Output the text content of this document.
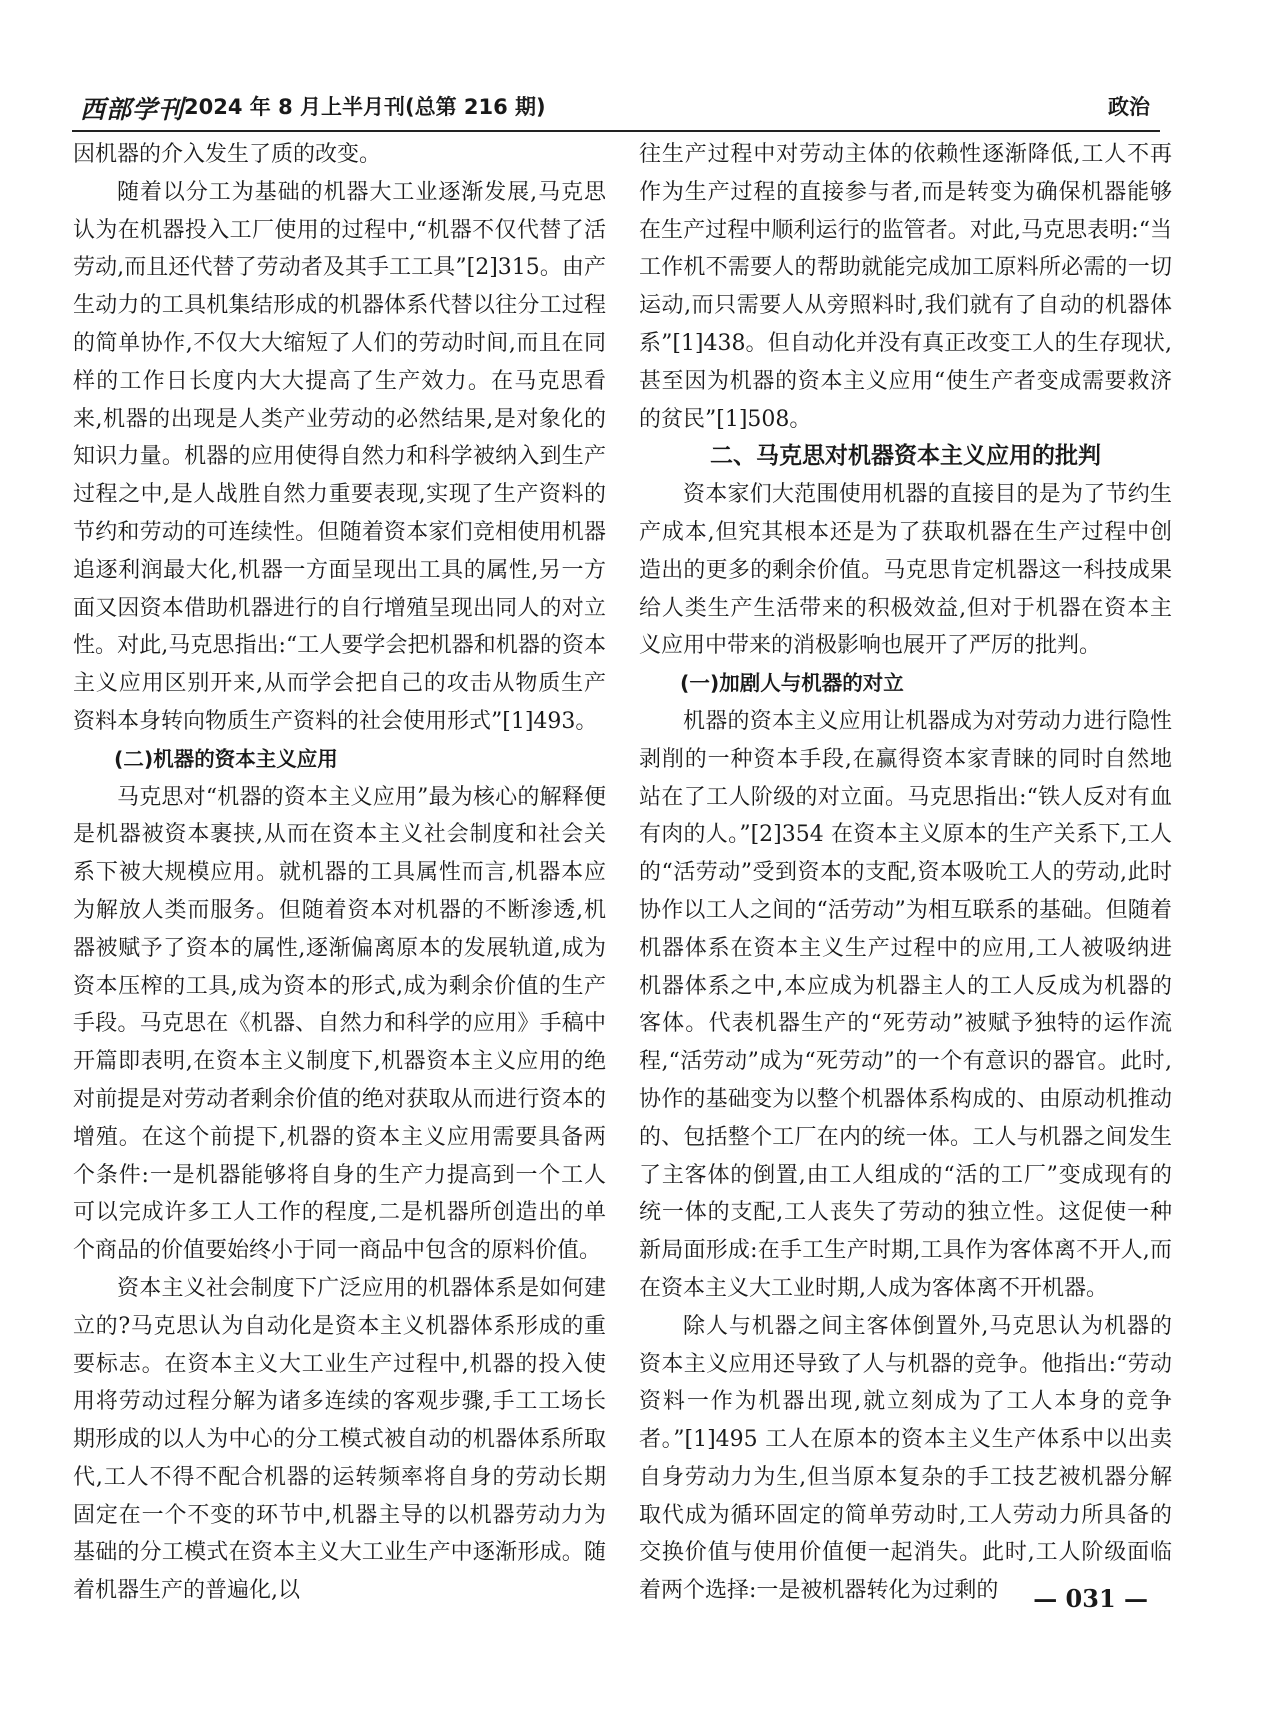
西部学刊 2024 年 8 月上半月刊(总第 216 期)	政治

因机器的介入发生了质的改变。

随着以分工为基础的机器大工业逐渐发展,马克思认为在机器投入工厂使用的过程中,“机器不仅代替了活劳动,而且还代替了劳动者及其手工工具”[2]315。由产生动力的工具机集结形成的机器体系代替以往分工过程的简单协作,不仅大大缩短了人们的劳动时间,而且在同样的工作日长度内大大提高了生产效力。在马克思看来,机器的出现是人类产业劳动的必然结果,是对象化的知识力量。机器的应用使得自然力和科学被纳入到生产过程之中,是人战胜自然力重要表现,实现了生产资料的节约和劳动的可连续性。但随着资本家们竞相使用机器追逐利润最大化,机器一方面呈现出工具的属性,另一方面又因资本借助机器进行的自行增殖呈现出同人的对立性。对此,马克思指出:“工人要学会把机器和机器的资本主义应用区别开来,从而学会把自己的攻击从物质生产资料本身转向物质生产资料的社会使用形式”[1]493。

(二)机器的资本主义应用

马克思对“机器的资本主义应用”最为核心的解释便是机器被资本裹挟,从而在资本主义社会制度和社会关系下被大规模应用。就机器的工具属性而言,机器本应为解放人类而服务。但随着资本对机器的不断渗透,机器被赋予了资本的属性,逐渐偏离原本的发展轨道,成为资本压榨的工具,成为资本的形式,成为剩余价值的生产手段。马克思在《机器、自然力和科学的应用》手稿中开篇即表明,在资本主义制度下,机器资本主义应用的绝对前提是对劳动者剩余价值的绝对获取从而进行资本的增殖。在这个前提下,机器的资本主义应用需要具备两个条件:一是机器能够将自身的生产力提高到一个工人可以完成许多工人工作的程度,二是机器所创造出的单个商品的价值要始终小于同一商品中包含的原料价值。

资本主义社会制度下广泛应用的机器体系是如何建立的?马克思认为自动化是资本主义机器体系形成的重要标志。在资本主义大工业生产过程中,机器的投入使用将劳动过程分解为诸多连续的客观步骤,手工工场长期形成的以人为中心的分工模式被自动的机器体系所取代,工人不得不配合机器的运转频率将自身的劳动长期固定在一个不变的环节中,机器主导的以机器劳动力为基础的分工模式在资本主义大工业生产中逐渐形成。随着机器生产的普遍化,以

往生产过程中对劳动主体的依赖性逐渐降低,工人不再作为生产过程的直接参与者,而是转变为确保机器能够在生产过程中顺利运行的监管者。对此,马克思表明:“当工作机不需要人的帮助就能完成加工原料所必需的一切运动,而只需要人从旁照料时,我们就有了自动的机器体系”[1]438。但自动化并没有真正改变工人的生存现状,甚至因为机器的资本主义应用“使生产者变成需要救济的贫民”[1]508。

二、马克思对机器资本主义应用的批判

资本家们大范围使用机器的直接目的是为了节约生产成本,但究其根本还是为了获取机器在生产过程中创造出的更多的剩余价值。马克思肯定机器这一科技成果给人类生产生活带来的积极效益,但对于机器在资本主义应用中带来的消极影响也展开了严厉的批判。

(一)加剧人与机器的对立

机器的资本主义应用让机器成为对劳动力进行隐性剥削的一种资本手段,在赢得资本家青睐的同时自然地站在了工人阶级的对立面。马克思指出:“铁人反对有血有肉的人。”[2]354 在资本主义原本的生产关系下,工人的“活劳动”受到资本的支配,资本吸吮工人的劳动,此时协作以工人之间的“活劳动”为相互联系的基础。但随着机器体系在资本主义生产过程中的应用,工人被吸纳进机器体系之中,本应成为机器主人的工人反成为机器的客体。代表机器生产的“死劳动”被赋予独特的运作流程,“活劳动”成为“死劳动”的一个有意识的器官。此时,协作的基础变为以整个机器体系构成的、由原动机推动的、包括整个工厂在内的统一体。工人与机器之间发生了主客体的倒置,由工人组成的“活的工厂”变成现有的统一体的支配,工人丧失了劳动的独立性。这促使一种新局面形成:在手工生产时期,工具作为客体离不开人,而在资本主义大工业时期,人成为客体离不开机器。

除人与机器之间主客体倒置外,马克思认为机器的资本主义应用还导致了人与机器的竞争。他指出:“劳动资料一作为机器出现,就立刻成为了工人本身的竞争者。”[1]495 工人在原本的资本主义生产体系中以出卖自身劳动力为生,但当原本复杂的手工技艺被机器分解取代成为循环固定的简单劳动时,工人劳动力所具备的交换价值与使用价值便一起消失。此时,工人阶级面临着两个选择:一是被机器转化为过剩的	— 031 —
